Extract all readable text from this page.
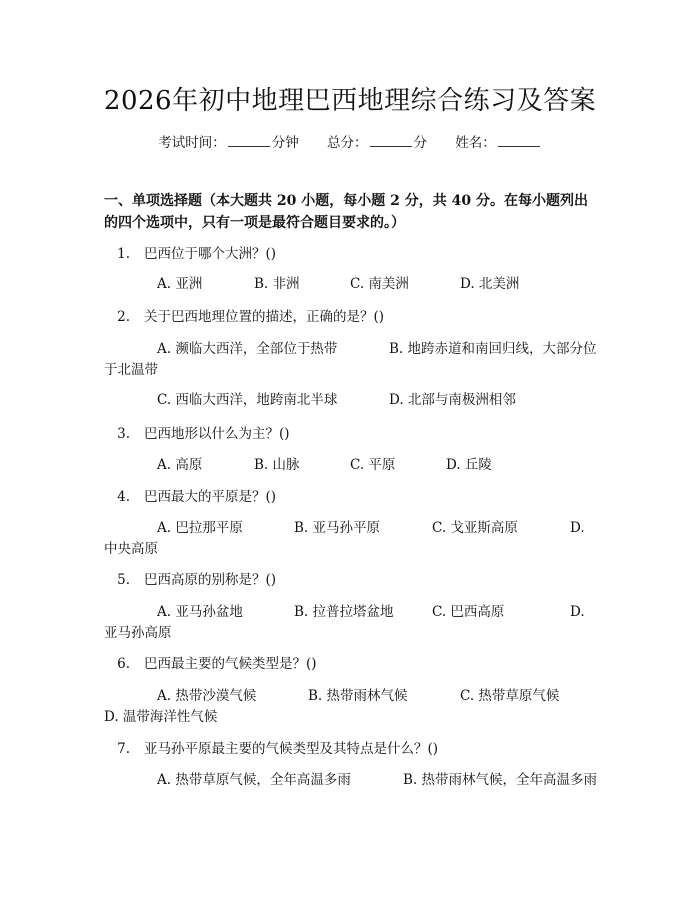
2026年初中地理巴西地理综合练习及答案
考试时间：	分钟 总分：	分 姓名：
一、单项选择题（本大题共 20 小题，每小题 2 分，共 40 分。在每小题列出的四个选项中，只有一项是最符合题目要求的。）
1. 巴西位于哪个大洲？()
A. 亚洲	B. 非洲	C. 南美洲	D. 北美洲
2. 关于巴西地理位置的描述，正确的是？()
A. 濒临大西洋，全部位于热带	B. 地跨赤道和南回归线，大部分位于北温带
C. 西临大西洋，地跨南北半球	D. 北部与南极洲相邻
3. 巴西地形以什么为主？()
A. 高原	B. 山脉	C. 平原	D. 丘陵
4. 巴西最大的平原是？()
A. 巴拉那平原	B. 亚马孙平原	C. 戈亚斯高原	D. 中央高原
5. 巴西高原的别称是？()
A. 亚马孙盆地	B. 拉普拉塔盆地	C. 巴西高原	D. 亚马孙高原
6. 巴西最主要的气候类型是？()
A. 热带沙漠气候	B. 热带雨林气候	C. 热带草原气候
D. 温带海洋性气候
7. 亚马孙平原最主要的气候类型及其特点是什么？()
A. 热带草原气候，全年高温多雨	B. 热带雨林气候，全年高温多雨
